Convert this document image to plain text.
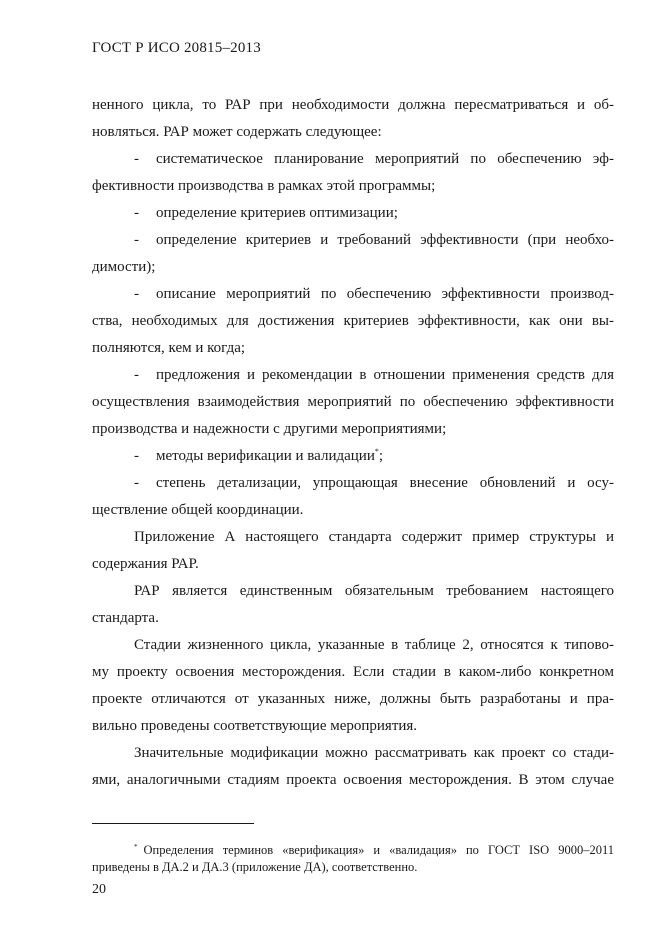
ГОСТ Р ИСО 20815–2013
ненного цикла, то РАР при необходимости должна пересматриваться и об-
новляться. РАР может содержать следующее:
- систематическое планирование мероприятий по обеспечению эф-
фективности производства в рамках этой программы;
- определение критериев оптимизации;
- определение критериев и требований эффективности (при необхо-
димости);
- описание мероприятий по обеспечению эффективности производ-
ства, необходимых для достижения критериев эффективности, как они вы-
полняются, кем и когда;
- предложения и рекомендации в отношении применения средств для
осуществления взаимодействия мероприятий по обеспечению эффективности
производства и надежности с другими мероприятиями;
- методы верификации и валидации*;
- степень детализации, упрощающая внесение обновлений и осу-
ществление общей координации.
Приложение А настоящего стандарта содержит пример структуры и
содержания РАР.
РАР является единственным обязательным требованием настоящего
стандарта.
Стадии жизненного цикла, указанные в таблице 2, относятся к типово-
му проекту освоения месторождения. Если стадии в каком-либо конкретном
проекте отличаются от указанных ниже, должны быть разработаны и пра-
вильно проведены соответствующие мероприятия.
Значительные модификации можно рассматривать как проект со стади-
ями, аналогичными стадиям проекта освоения месторождения. В этом случае
* Определения терминов «верификация» и «валидация» по ГОСТ ISO 9000–2011
приведены в ДА.2 и ДА.3 (приложение ДА), соответственно.
20
